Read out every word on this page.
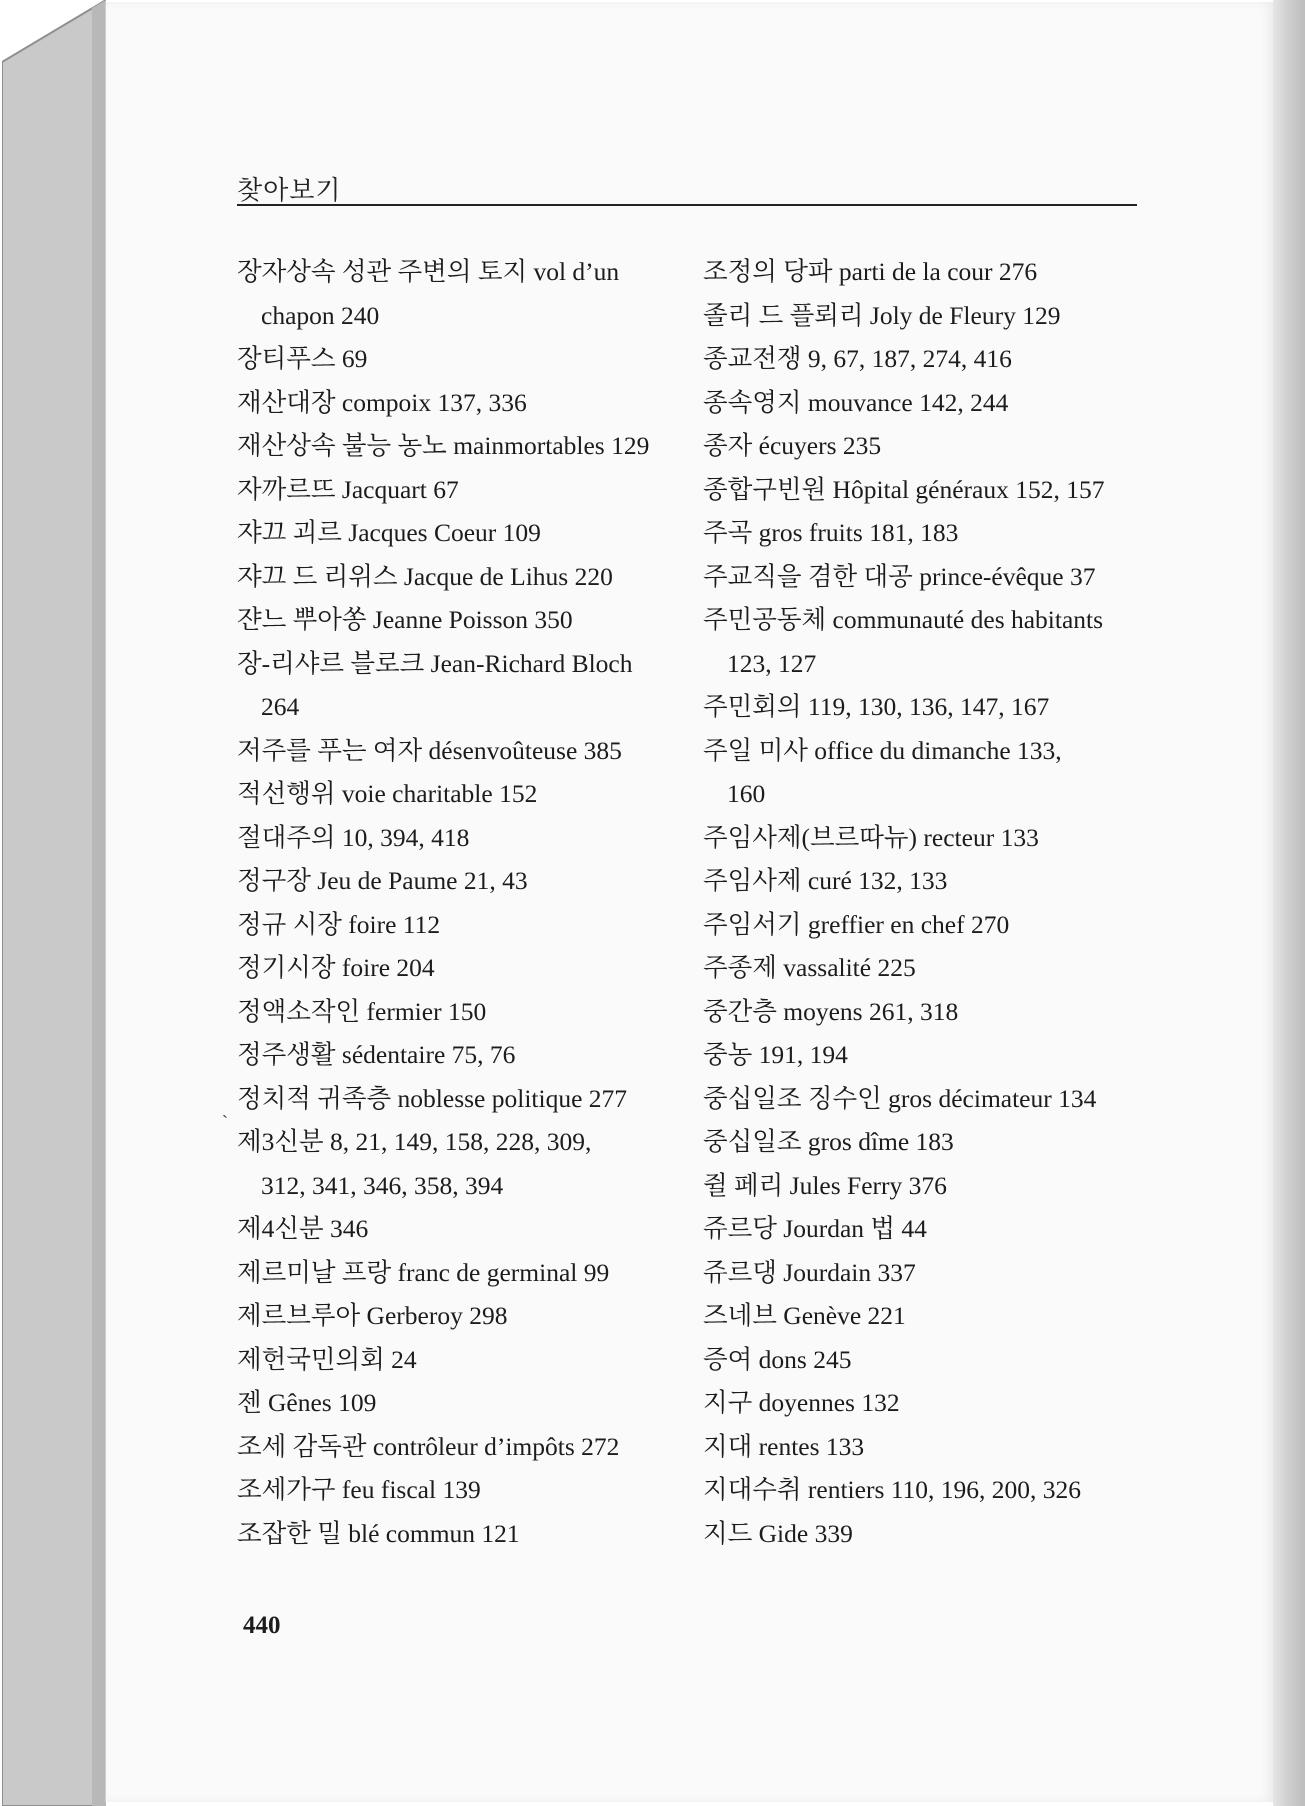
찾아보기
장자상속 성관 주변의 토지 vol d’un
chapon 240
장티푸스 69
재산대장 compoix 137, 336
재산상속 불능 농노 mainmortables 129
자까르뜨 Jacquart 67
쟈끄 괴르 Jacques Coeur 109
쟈끄 드 리위스 Jacque de Lihus 220
쟌느 뿌아쏭 Jeanne Poisson 350
장-리샤르 블로크 Jean-Richard Bloch
264
저주를 푸는 여자 désenvoûteuse 385
적선행위 voie charitable 152
절대주의 10, 394, 418
정구장 Jeu de Paume 21, 43
정규 시장 foire 112
정기시장 foire 204
정액소작인 fermier 150
정주생활 sédentaire 75, 76
정치적 귀족층 noblesse politique 277
제3신분 8, 21, 149, 158, 228, 309,
312, 341, 346, 358, 394
제4신분 346
제르미날 프랑 franc de germinal 99
제르브루아 Gerberoy 298
제헌국민의회 24
젠 Gênes 109
조세 감독관 contrôleur d’impôts 272
조세가구 feu fiscal 139
조잡한 밀 blé commun 121
조정의 당파 parti de la cour 276
졸리 드 플뢰리 Joly de Fleury 129
종교전쟁 9, 67, 187, 274, 416
종속영지 mouvance 142, 244
종자 écuyers 235
종합구빈원 Hôpital généraux 152, 157
주곡 gros fruits 181, 183
주교직을 겸한 대공 prince-évêque 37
주민공동체 communauté des habitants
123, 127
주민회의 119, 130, 136, 147, 167
주일 미사 office du dimanche 133,
160
주임사제(브르따뉴) recteur 133
주임사제 curé 132, 133
주임서기 greffier en chef 270
주종제 vassalité 225
중간층 moyens 261, 318
중농 191, 194
중십일조 징수인 gros décimateur 134
중십일조 gros dîme 183
쥘 페리 Jules Ferry 376
쥬르당 Jourdan 법 44
쥬르댕 Jourdain 337
즈네브 Genève 221
증여 dons 245
지구 doyennes 132
지대 rentes 133
지대수취 rentiers 110, 196, 200, 326
지드 Gide 339
ˎ
440
